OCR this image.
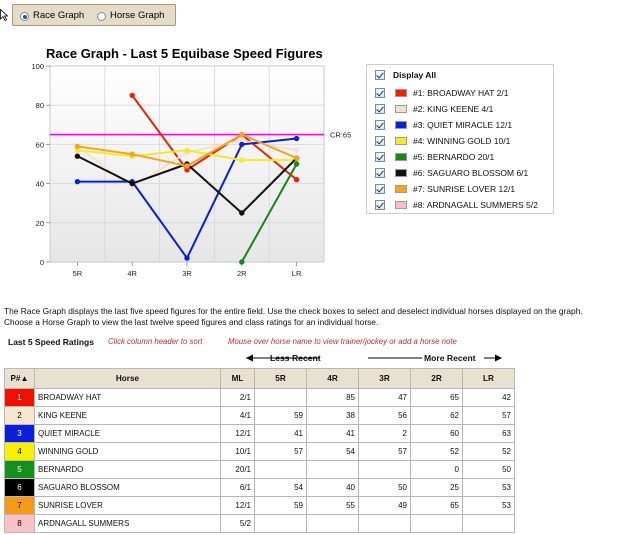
Race Graph	Horse Graph
Race Graph - Last 5 Equibase Speed Figures
0
20
40
60
80
100
5R	4R	3R	2R	LR
CR:65
Display All
#1: BROADWAY HAT 2/1
#2: KING KEENE 4/1
#3: QUIET MIRACLE 12/1
#4: WINNING GOLD 10/1
#5: BERNARDO 20/1
#6: SAGUARO BLOSSOM 6/1
#7: SUNRISE LOVER 12/1
#8: ARDNAGALL SUMMERS 5/2
The Race Graph displays the last five speed figures for the entire field. Use the check boxes to select and deselect individual horses displayed on the graph. Choose a Horse Graph to view the last twelve speed figures and class ratings for an individual horse.
Last 5 Speed Ratings Click column header to sort	Mouse over horse name to view trainer/jockey or add a horse note
Less Recent	More Recent
P#▲	Horse	ML	5R	4R	3R	2R	LR
1	BROADWAY HAT	2/1		85	47	65	42
2	KING KEENE	4/1	59	38	56	62	57
3	QUIET MIRACLE	12/1	41	41	2	60	63
4	WINNING GOLD	10/1	57	54	57	52	52
5	BERNARDO	20/1				0	50
6	SAGUARO BLOSSOM	6/1	54	40	50	25	53
7	SUNRISE LOVER	12/1	59	55	49	65	53
8	ARDNAGALL SUMMERS	5/2					
